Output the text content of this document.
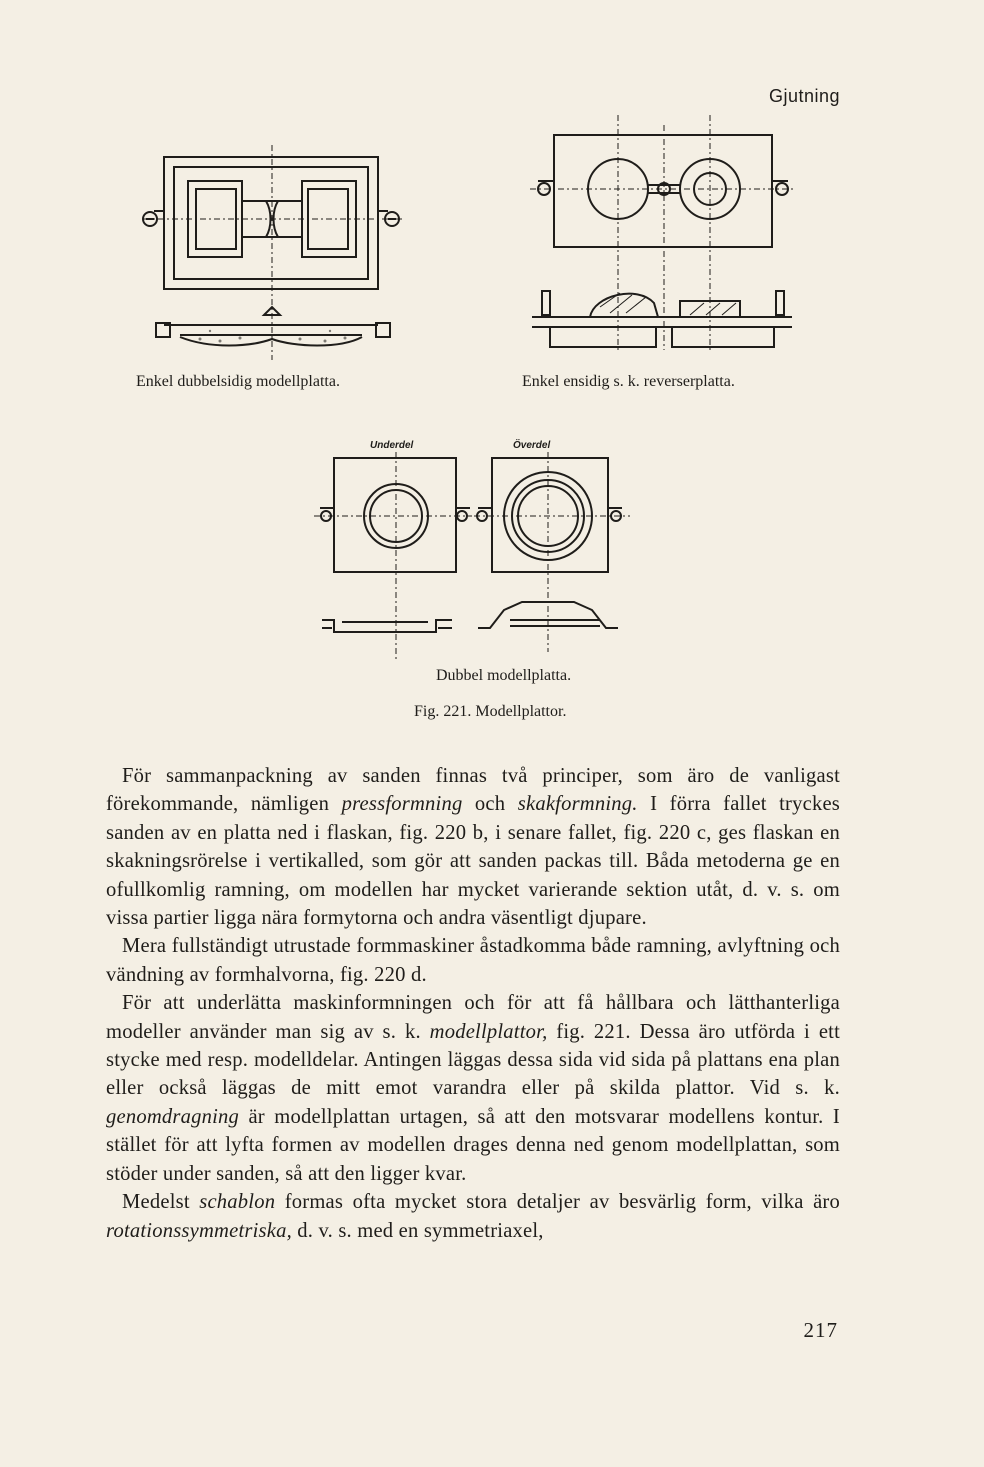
Gjutning
Enkel dubbelsidig modellplatta.	Enkel ensidig s. k. reverserplatta.
Underdel	Överdel
Dubbel modellplatta.
Fig. 221. Modellplattor.

För sammanpackning av sanden finnas två principer, som äro de vanligast förekommande, nämligen pressformning och skakformning. I förra fallet tryckes sanden av en platta ned i flaskan, fig. 220 b, i senare fallet, fig. 220 c, ges flaskan en skakningsrörelse i vertikalled, som gör att sanden packas till. Båda metoderna ge en ofullkomlig ramning, om modellen har mycket varierande sektion utåt, d. v. s. om vissa partier ligga nära formytorna och andra väsentligt djupare.

Mera fullständigt utrustade formmaskiner åstadkomma både ramning, avlyftning och vändning av formhalvorna, fig. 220 d.

För att underlätta maskinformningen och för att få hållbara och lätthanterliga modeller använder man sig av s. k. modellplattor, fig. 221. Dessa äro utförda i ett stycke med resp. modelldelar. Antingen läggas dessa sida vid sida på plattans ena plan eller också läggas de mitt emot varandra eller på skilda plattor. Vid s. k. genomdragning är modellplattan urtagen, så att den motsvarar modellens kontur. I stället för att lyfta formen av modellen drages denna ned genom modellplattan, som stöder under sanden, så att den ligger kvar.

Medelst schablon formas ofta mycket stora detaljer av besvärlig form, vilka äro rotationssymmetriska, d. v. s. med en symmetriaxel,

217
